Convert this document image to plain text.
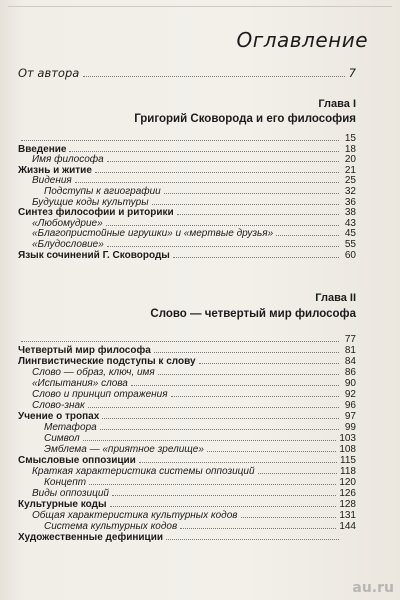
Оглавление
От автора	7
Глава I
Григорий Сковорода и его философия
15
Введение	18
Имя философа	20
Жизнь и житие	21
Видения	25
Подступы к агиографии	32
Будущие коды культуры	36
Синтез философии и риторики	38
«Любомудрие»	43
«Благопристойные игрушки» и «мертвые друзья»	45
«Блудословие»	55
Язык сочинений Г. Сковороды	60
Глава II
Слово — четвертый мир философа
77
Четвертый мир философа	81
Лингвистические подступы к слову	84
Слово — образ, ключ, имя	86
«Испытания» слова	90
Слово и принцип отражения	92
Слово-знак	96
Учение о тропах	97
Метафора	99
Символ	103
Эмблема — «приятное зрелище»	108
Смысловые оппозиции	115
Краткая характеристика системы оппозиций	118
Концепт	120
Виды оппозиций	126
Культурные коды	128
Общая характеристика культурных кодов	131
Система культурных кодов	144
Художественные дефиниции
au.ru
